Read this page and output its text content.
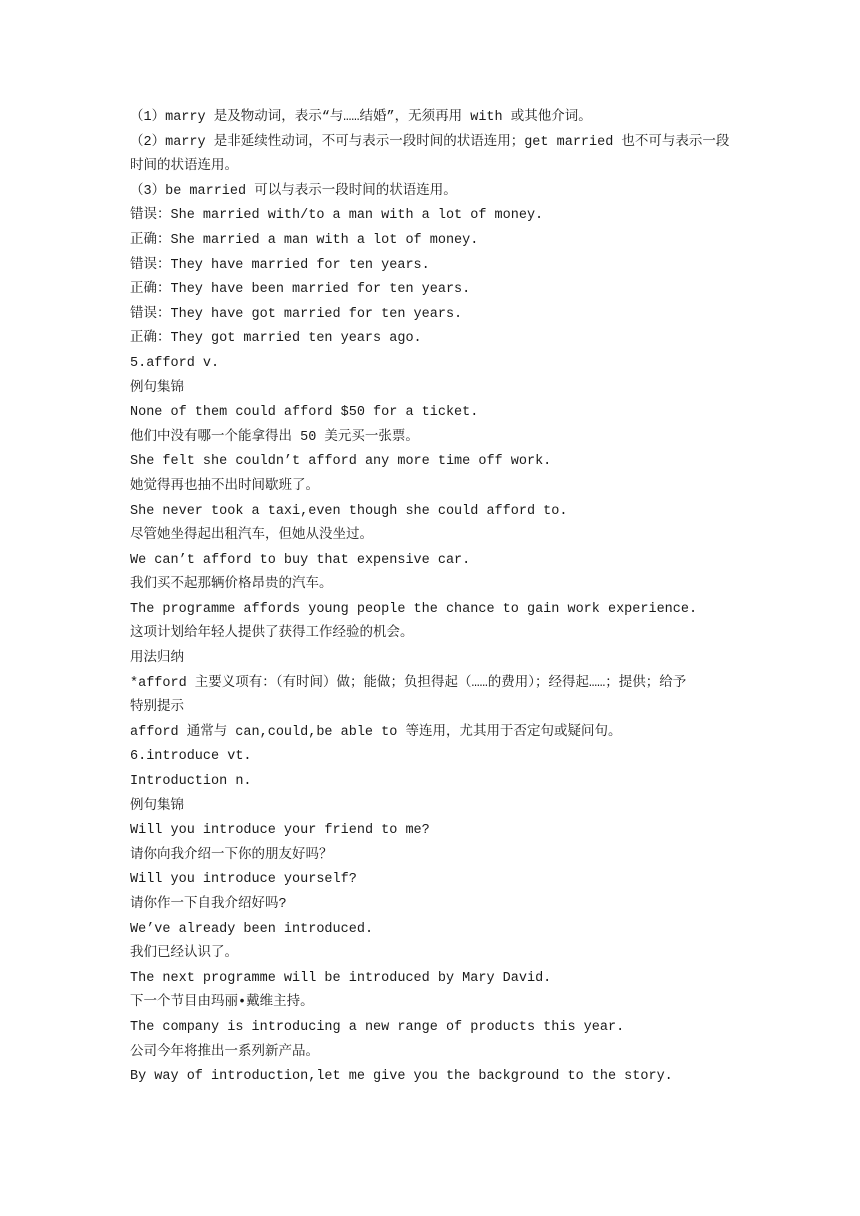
（1）marry 是及物动词，表示“与……结婚”，无须再用 with 或其他介词。

（2）marry 是非延续性动词，不可与表示一段时间的状语连用；get married 也不可与表示一段时间的状语连用。

（3）be married 可以与表示一段时间的状语连用。

错误：She married with/to a man with a lot of money.

正确：She married a man with a lot of money.

错误：They have married for ten years.

正确：They have been married for ten years.

错误：They have got married for ten years.

正确：They got married ten years ago.

5.afford v.

例句集锦

None of them could afford $50 for a ticket.

他们中没有哪一个能拿得出 50 美元买一张票。

She felt she couldn’t afford any more time off work.

她觉得再也抽不出时间歇班了。

She never took a taxi,even though she could afford to.

尽管她坐得起出租汽车，但她从没坐过。

We can’t afford to buy that expensive car.

我们买不起那辆价格昂贵的汽车。

The programme affords young people the chance to gain work experience.

这项计划给年轻人提供了获得工作经验的机会。

用法归纳

*afford 主要义项有：（有时间）做；能做；负担得起（……的费用）；经得起……；提供；给予

特别提示

afford 通常与 can,could,be able to 等连用，尤其用于否定句或疑问句。

6.introduce vt.

Introduction n.

例句集锦

Will you introduce your friend to me?

请你向我介绍一下你的朋友好吗？

Will you introduce yourself?

请你作一下自我介绍好吗?

We’ve already been introduced.

我们已经认识了。

The next programme will be introduced by Mary David.

下一个节目由玛丽•戴维主持。

The company is introducing a new range of products this year.

公司今年将推出一系列新产品。

By way of introduction,let me give you the background to the story.
